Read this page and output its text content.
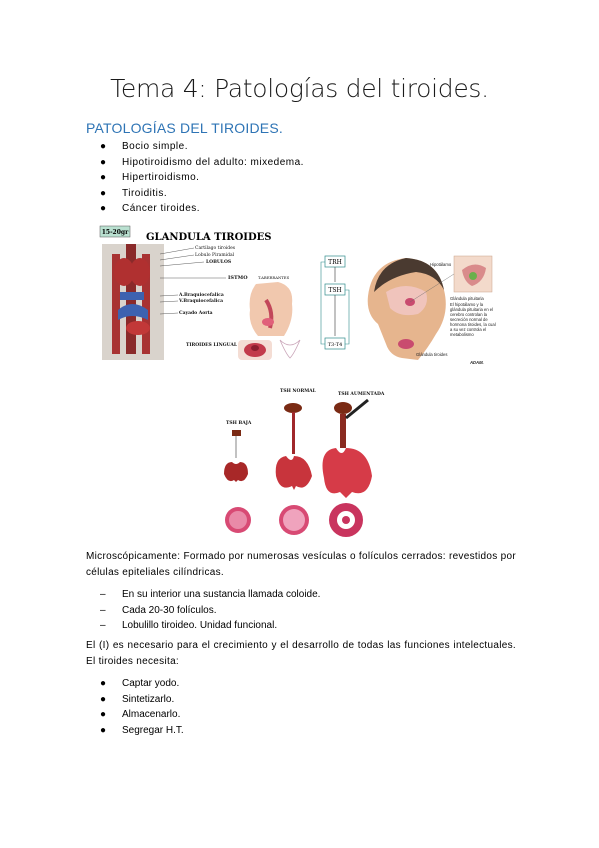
Tema 4: Patologías del tiroides.
PATOLOGÍAS DEL TIROIDES.
● Bocio simple.
● Hipotiroidismo del adulto: mixedema.
● Hipertiroidismo.
● Tiroiditis.
● Cáncer tiroides.
15-20gr GLANDULA TIROIDES
Cartilago tiroides
Lobulo Piramidal
LOBULOS
ISTMO
A.Braquiocefalica
V.Braquiocefalica
Cayado Aorta
T.ABERRANTES
TIROIDES LINGUAL
TRH
TSH
T3-T4
Hipotálamo
Glándula pituitaria
Glándula tiroides
ADAM.
El hipotálamo y la glándula pituitaria en el cerebro controlan la secreción normal de hormona tiroides, la cual a su vez controla el metabolismo
TSH BAJA
TSH NORMAL
TSH AUMENTADA
Microscópicamente: Formado por numerosas vesículas o folículos cerrados: revestidos por células epiteliales cilíndricas.
– En su interior una sustancia llamada coloide.
– Cada 20-30 folículos.
– Lobulillo tiroideo. Unidad funcional.
El (I) es necesario para el crecimiento y el desarrollo de todas las funciones intelectuales. El tiroides necesita:
● Captar yodo.
● Sintetizarlo.
● Almacenarlo.
● Segregar H.T.
